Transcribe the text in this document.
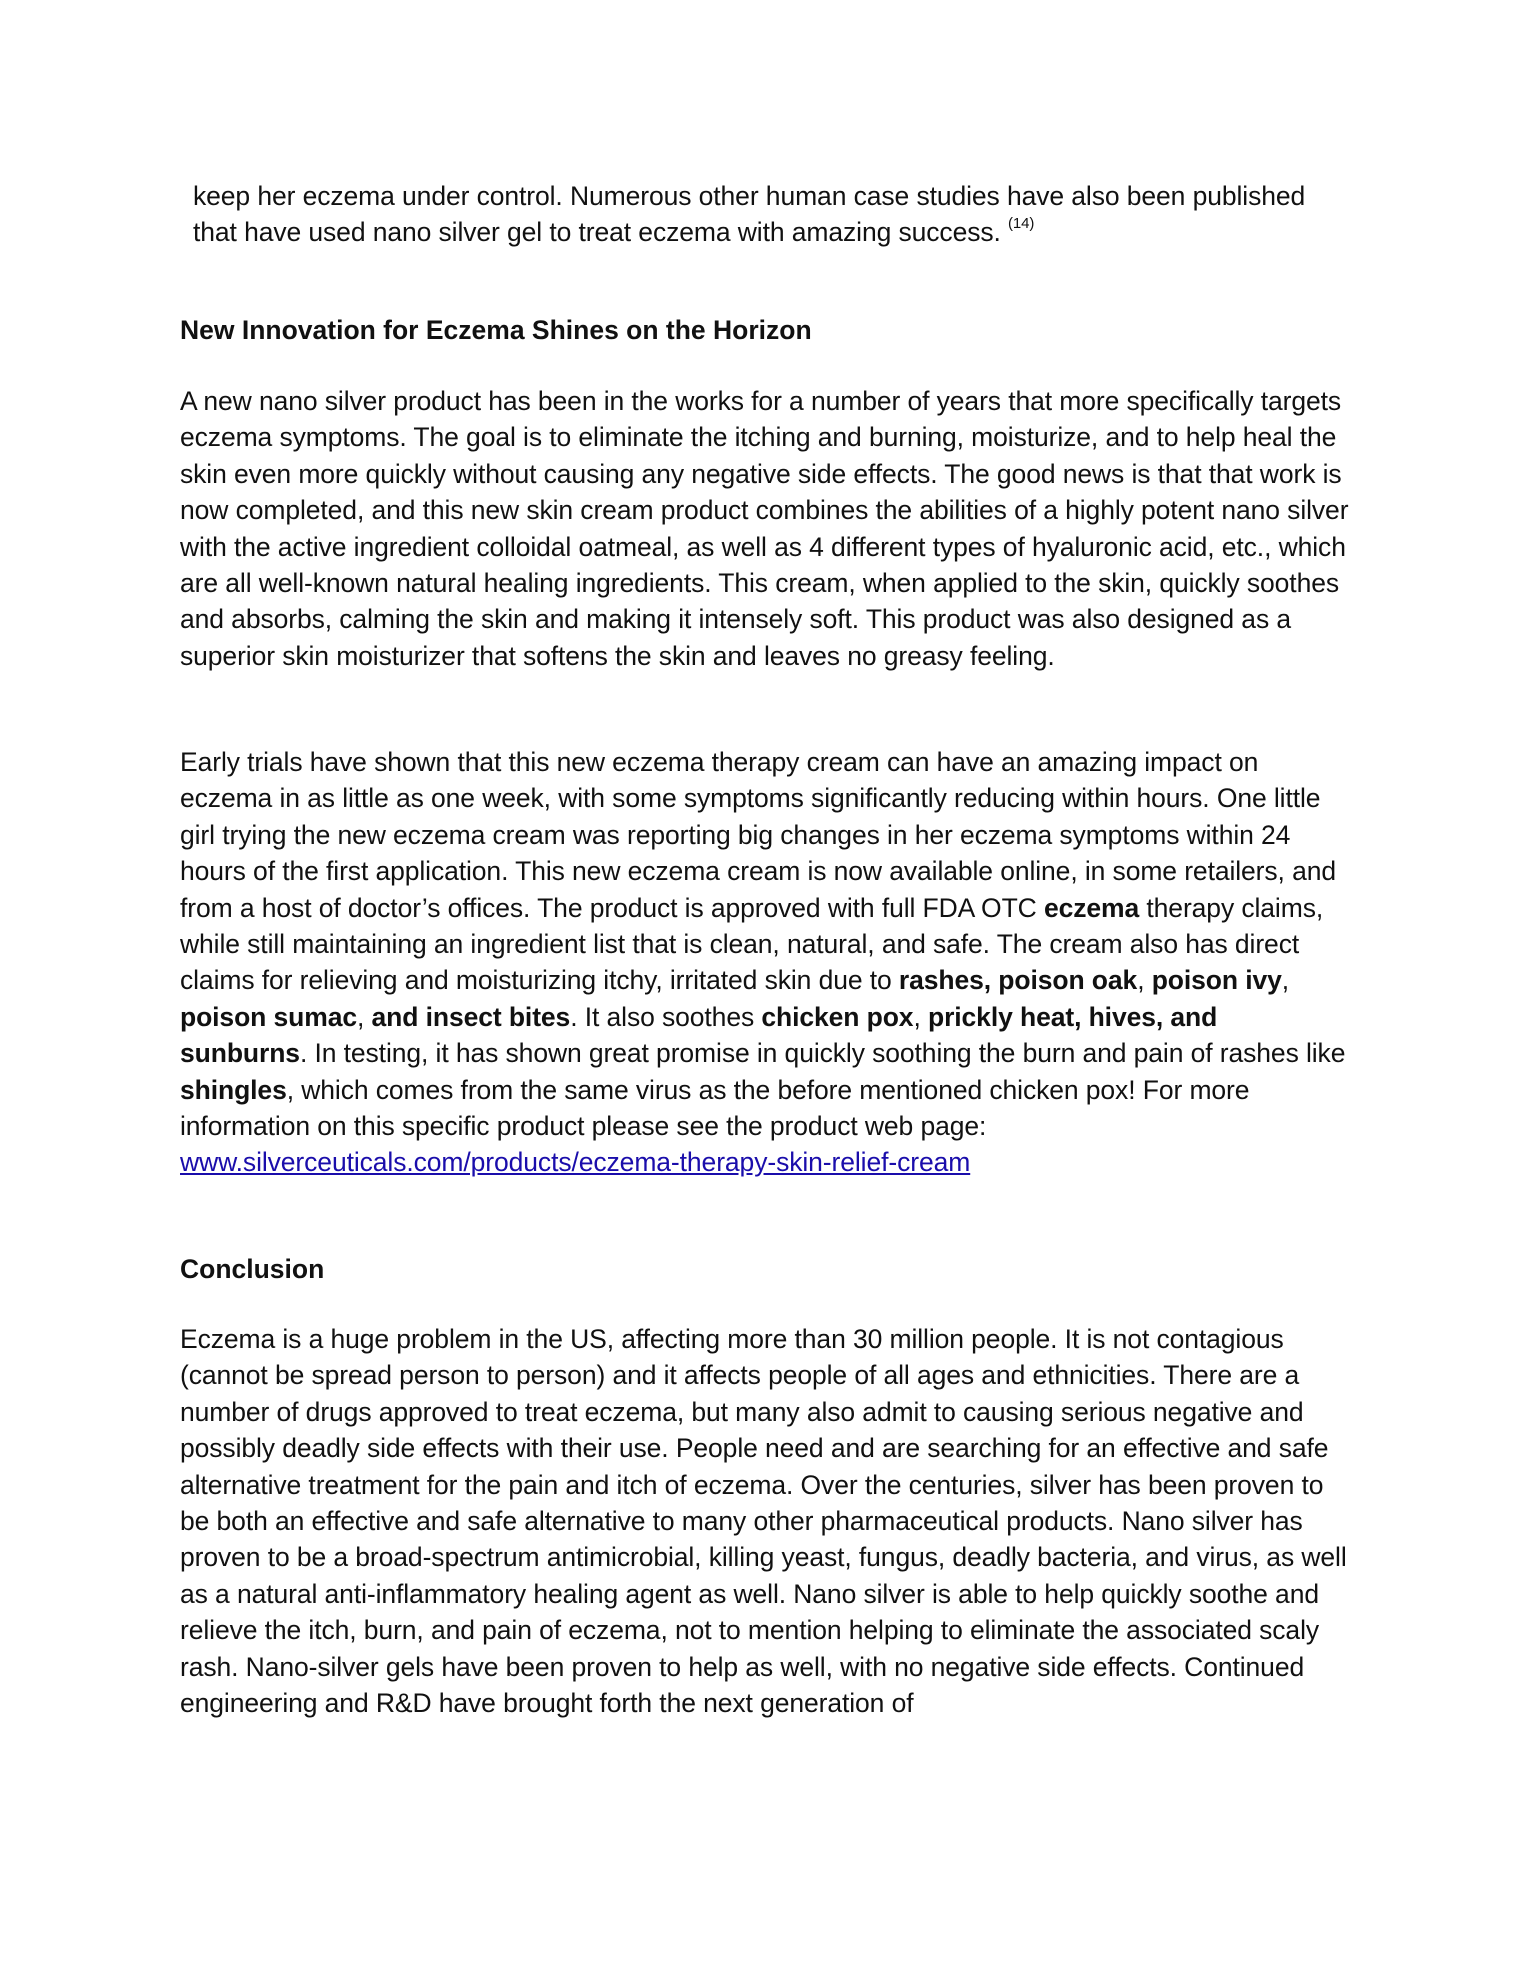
keep her eczema under control. Numerous other human case studies have also been published that have used nano silver gel to treat eczema with amazing success. $^{(14)}$

New Innovation for Eczema Shines on the Horizon

A new nano silver product has been in the works for a number of years that more specifically targets eczema symptoms. The goal is to eliminate the itching and burning, moisturize, and to help heal the skin even more quickly without causing any negative side effects. The good news is that that work is now completed, and this new skin cream product combines the abilities of a highly potent nano silver with the active ingredient colloidal oatmeal, as well as 4 different types of hyaluronic acid, etc., which are all well-known natural healing ingredients. This cream, when applied to the skin, quickly soothes and absorbs, calming the skin and making it intensely soft. This product was also designed as a superior skin moisturizer that softens the skin and leaves no greasy feeling.

Early trials have shown that this new eczema therapy cream can have an amazing impact on eczema in as little as one week, with some symptoms significantly reducing within hours. One little girl trying the new eczema cream was reporting big changes in her eczema symptoms within 24 hours of the first application. This new eczema cream is now available online, in some retailers, and from a host of doctor’s offices. The product is approved with full FDA OTC eczema therapy claims, while still maintaining an ingredient list that is clean, natural, and safe. The cream also has direct claims for relieving and moisturizing itchy, irritated skin due to rashes, poison oak, poison ivy, poison sumac, and insect bites. It also soothes chicken pox, prickly heat, hives, and sunburns. In testing, it has shown great promise in quickly soothing the burn and pain of rashes like shingles, which comes from the same virus as the before mentioned chicken pox! For more information on this specific product please see the product web page: www.silverceuticals.com/products/eczema-therapy-skin-relief-cream

Conclusion

Eczema is a huge problem in the US, affecting more than 30 million people. It is not contagious (cannot be spread person to person) and it affects people of all ages and ethnicities. There are a number of drugs approved to treat eczema, but many also admit to causing serious negative and possibly deadly side effects with their use. People need and are searching for an effective and safe alternative treatment for the pain and itch of eczema. Over the centuries, silver has been proven to be both an effective and safe alternative to many other pharmaceutical products. Nano silver has proven to be a broad-spectrum antimicrobial, killing yeast, fungus, deadly bacteria, and virus, as well as a natural anti-inflammatory healing agent as well. Nano silver is able to help quickly soothe and relieve the itch, burn, and pain of eczema, not to mention helping to eliminate the associated scaly rash. Nano-silver gels have been proven to help as well, with no negative side effects. Continued engineering and R&D have brought forth the next generation of
